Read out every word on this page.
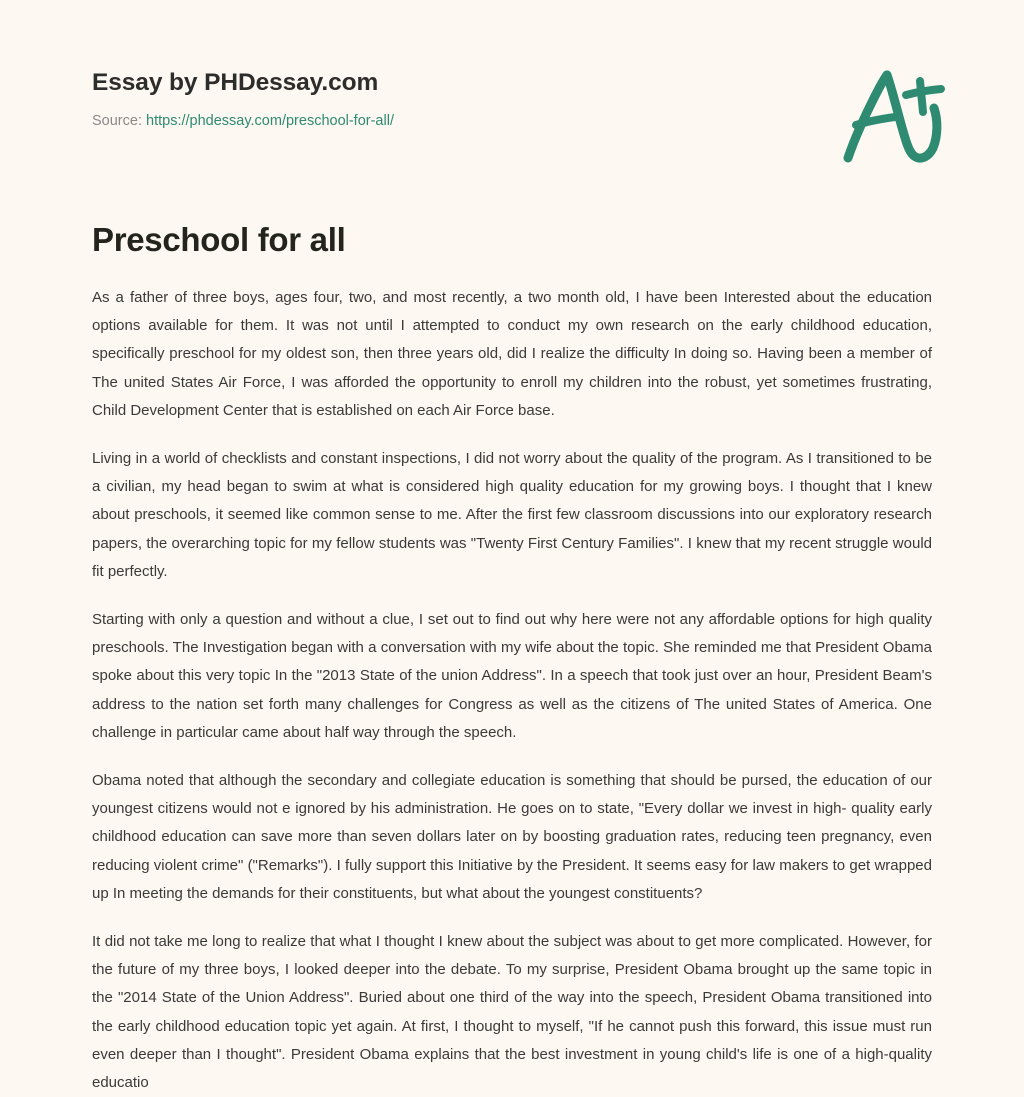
Essay by PHDessay.com
Source: https://phdessay.com/preschool-for-all/
Preschool for all

As a father of three boys, ages four, two, and most recently, a two month old, I have been Interested about the education options available for them. It was not until I attempted to conduct my own research on the early childhood education, specifically preschool for my oldest son, then three years old, did I realize the difficulty In doing so. Having been a member of The united States Air Force, I was afforded the opportunity to enroll my children into the robust, yet sometimes frustrating, Child Development Center that is established on each Air Force base.

Living in a world of checklists and constant inspections, I did not worry about the quality of the program. As I transitioned to be a civilian, my head began to swim at what is considered high quality education for my growing boys. I thought that I knew about preschools, it seemed like common sense to me. After the first few classroom discussions into our exploratory research papers, the overarching topic for my fellow students was "Twenty First Century Families". I knew that my recent struggle would fit perfectly.

Starting with only a question and without a clue, I set out to find out why here were not any affordable options for high quality preschools. The Investigation began with a conversation with my wife about the topic. She reminded me that President Obama spoke about this very topic In the "2013 State of the union Address". In a speech that took just over an hour, President Beam's address to the nation set forth many challenges for Congress as well as the citizens of The united States of America. One challenge in particular came about half way through the speech.

Obama noted that although the secondary and collegiate education is something that should be pursed, the education of our youngest citizens would not e ignored by his administration. He goes on to state, "Every dollar we invest in high- quality early childhood education can save more than seven dollars later on by boosting graduation rates, reducing teen pregnancy, even reducing violent crime" ("Remarks"). I fully support this Initiative by the President. It seems easy for law makers to get wrapped up In meeting the demands for their constituents, but what about the youngest constituents?

It did not take me long to realize that what I thought I knew about the subject was about to get more complicated. However, for the future of my three boys, I looked deeper into the debate. To my surprise, President Obama brought up the same topic in the "2014 State of the Union Address". Buried about one third of the way into the speech, President Obama transitioned into the early childhood education topic yet again. At first, I thought to myself, "If he cannot push this forward, this issue must run even deeper than I thought". President Obama explains that the best investment in young child's life is one of a high-quality educatio
